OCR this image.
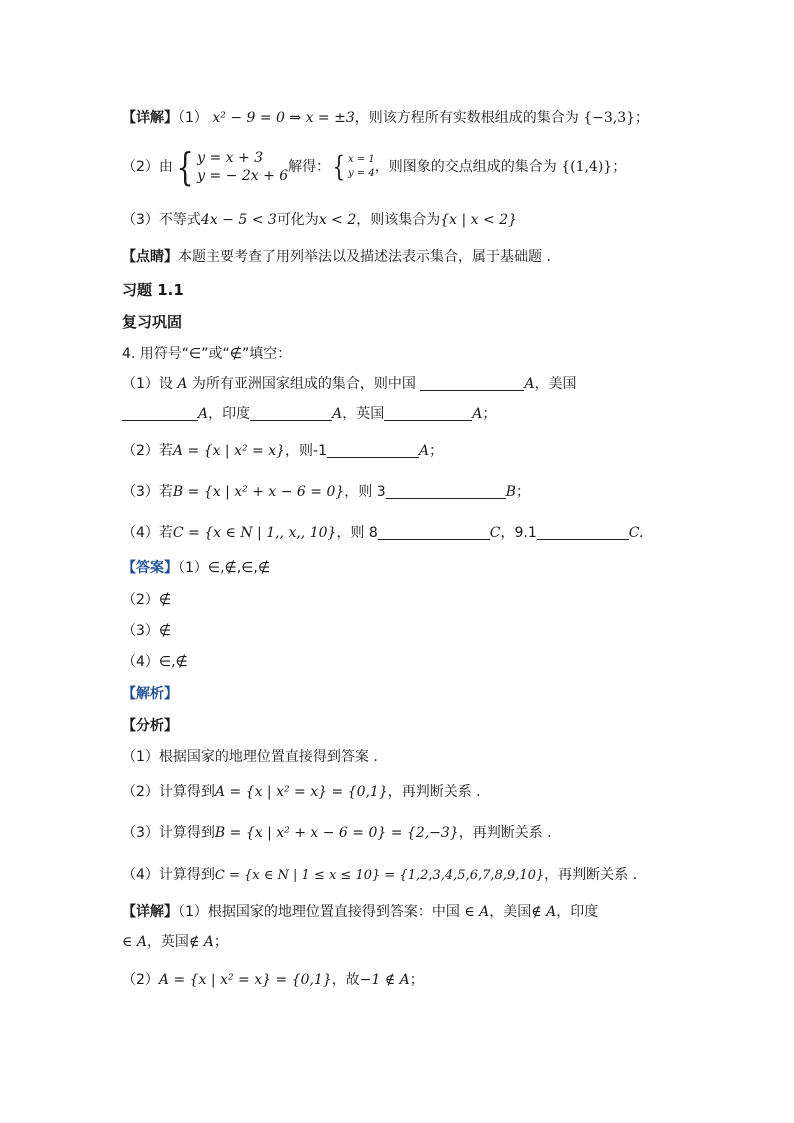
【详解】（1） x² − 9 = 0 ⇒ x = ±3，则该方程所有实数根组成的集合为 {−3,3}；
（2）由{ y = x + 3
y = − 2x + 6解得：{ x = 1
y = 4，则图象的交点组成的集合为 {(1,4)}；
（3）不等式4x − 5 < 3可化为x < 2，则该集合为{x | x < 2}
【点睛】本题主要考查了用列举法以及描述法表示集合，属于基础题 .
习题 1.1
复习巩固
4. 用符号“∈”或“∉”填空：
（1）设 A 为所有亚洲国家组成的集合，则中国	A，美国
A，印度	A，英国	A；
（2）若A = {x | x² = x}，则-1	A；
（3）若B = {x | x² + x − 6 = 0}，则 3	B；
（4）若C = {x ∈ N | 1,, x,, 10}，则 8	C，9.1	C.
【答案】（1）∈,∉,∈,∉
（2）∉
（3）∉
（4）∈,∉
【解析】
【分析】
（1）根据国家的地理位置直接得到答案 .
（2）计算得到A = {x | x² = x} = {0,1}，再判断关系 .
（3）计算得到B = {x | x² + x − 6 = 0} = {2,−3}，再判断关系 .
（4）计算得到C = {x ∈ N | 1 ≤ x ≤ 10} = {1,2,3,4,5,6,7,8,9,10}，再判断关系 .
【详解】（1）根据国家的地理位置直接得到答案：中国 ∈ A，美国∉ A，印度
∈ A，英国∉ A；
（2）A = {x | x² = x} = {0,1}，故−1 ∉ A；
